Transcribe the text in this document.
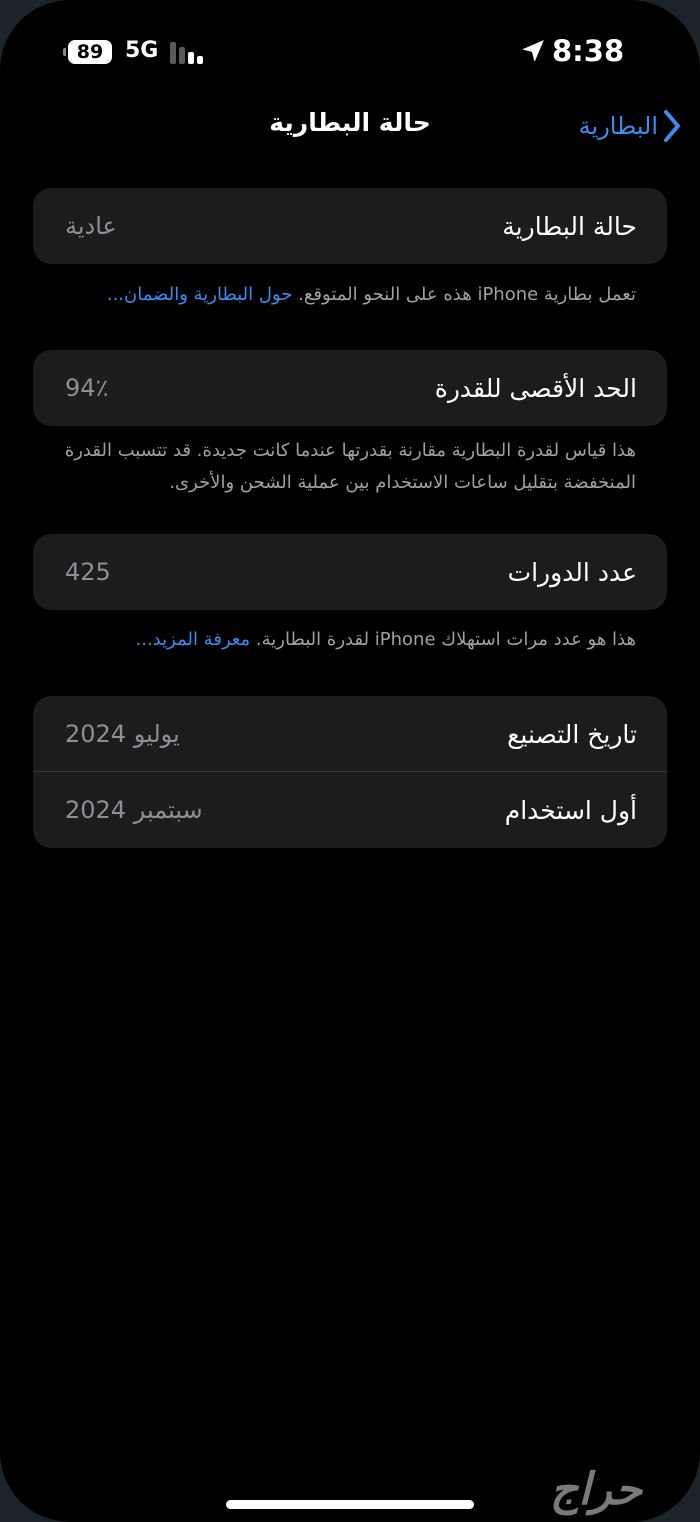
89 5G	8:38
حالة البطارية	البطارية
حالة البطارية
عادية
تعمل بطارية iPhone هذه على النحو المتوقع. حول البطارية والضمان...
الحد الأقصى للقدرة
94٪
هذا قياس لقدرة البطارية مقارنة بقدرتها عندما كانت جديدة. قد تتسبب القدرة المنخفضة بتقليل ساعات الاستخدام بين عملية الشحن والأخرى.
عدد الدورات
425
هذا هو عدد مرات استهلاك iPhone لقدرة البطارية. معرفة المزيد...
تاريخ التصنيع
يوليو 2024
أول استخدام
سبتمبر 2024
حراج
